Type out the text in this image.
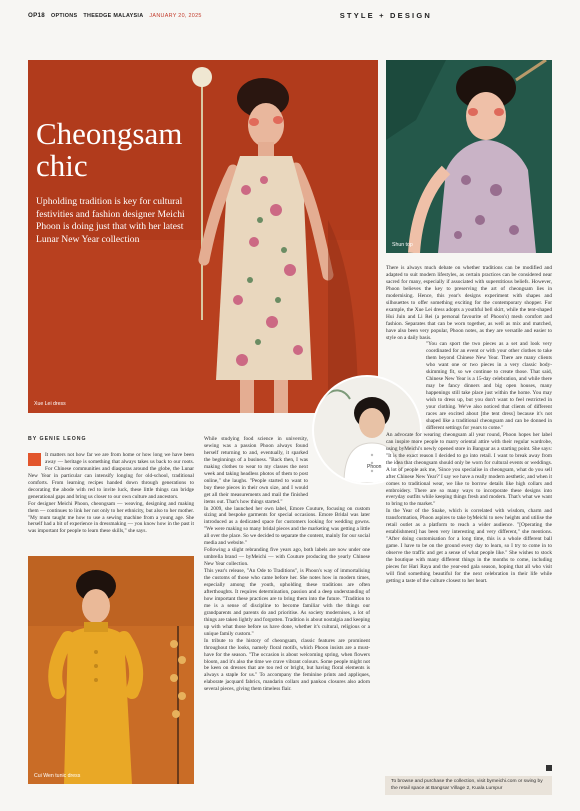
OP18 OPTIONS THEEDGE MALAYSIA JANUARY 20, 2025	STYLE + DESIGN
Cheongsam
chic
Upholding tradition is key for cultural festivities and fashion designer Meichi Phoon is doing just that with her latest Lunar New Year collection
Xue Lei dress
Shun top
Cui Wen tunic dress
Phoon
BY GENIE LEONG

It matters not how far we are from home or how long we have been away — heritage is something that always takes us back to our roots. For Chinese communities and diasporas around the globe, the Lunar New Year in particular can intensify longing for old-school, traditional comforts. From learning recipes handed down through generations to decorating the abode with red to invite luck, these little things can bridge generational gaps and bring us closer to our own culture and ancestors.

For designer Meichi Phoon, cheongsam — weaving, designing and making them — continues to link her not only to her ethnicity, but also to her mother. "My mum taught me how to use a sewing machine from a young age. She herself had a bit of experience in dressmaking — you know how in the past it was important for people to learn these skills," she says.

While studying food science in university, sewing was a passion Phoon always found herself returning to and, eventually, it sparked the beginnings of a business. "Back then, I was making clothes to wear to my classes the next week and taking headless photos of them to post online," she laughs. "People started to want to buy these pieces in their own size, and I would get all their measurements and mail the finished items out. That's how things started."

In 2009, she launched her own label, Emore Couture, focusing on custom sizing and bespoke garments for special occasions. Emore Bridal was later introduced as a dedicated space for customers looking for wedding gowns. "We were making so many bridal pieces and the marketing was getting a little all over the place. So we decided to separate the content, mainly for our social media and website."

Following a slight rebranding five years ago, both labels are now under one umbrella brand — byMeichi — with Couture producing the yearly Chinese New Year collection.

This year's release, "An Ode to Traditions", is Phoon's way of immortalising the customs of those who came before her. She notes how in modern times, especially among the youth, upholding these traditions are often afterthoughts. It requires determination, passion and a deep understanding of how important these practices are to bring them into the future. "Tradition to me is a sense of discipline to become familiar with the things our grandparents and parents do and prioritise. As society modernises, a lot of things are taken lightly and forgotten. Tradition is about nostalgia and keeping up with what those before us have done, whether it's cultural, religious or a unique family custom."

In tribute to the history of cheongsam, classic features are prominent throughout the looks, namely floral motifs, which Phoon insists are a must-have for the season. "The occasion is about welcoming spring, when flowers bloom, and it's also the time we crave vibrant colours. Some people might not be keen on dresses that are too red or bright, but having floral elements is always a staple for us." To accompany the feminine prints and appliques, elaborate jacquard fabrics, mandarin collars and pankou closures also adorn several pieces, giving them timeless flair.

There is always much debate on whether traditions can be modified and adapted to suit modern lifestyles, as certain practices can be considered near sacred for many, especially if associated with superstitious beliefs. However, Phoon believes the key to preserving the art of cheongsam lies in modernising. Hence, this year's designs experiment with shapes and silhouettes to offer something exciting for the contemporary shopper. For example, the Xue Lei dress adopts a youthful bell skirt, while the tent-shaped Hui Juin and Li Rei (a personal favourite of Phoon's) mesh comfort and fashion. Separates that can be worn together, as well as mix and matched, have also been very popular, Phoon notes, as they are versatile and easier to style on a daily basis.

"You can sport the two pieces as a set and look very coordinated for an event or with your other clothes to take them beyond Chinese New Year. There are many clients who want one or two pieces in a very classic body-skimming fit, so we continue to create those. That said, Chinese New Year is a 15-day celebration, and while there may be fancy dinners and big open houses, many happenings still take place just within the home. You may wish to dress up, but you don't want to feel restricted in your clothing. We've also noticed that clients of different races are excited about [the tent dress] because it's not shaped like a traditional cheongsam and can be donned in different settings for years to come."

An advocate for wearing cheongsam all year round, Phoon hopes her label can inspire more people to marry oriental attire with their regular wardrobe, using byMeichi's newly opened store in Bangsar as a starting point. She says: "It is the exact reason I decided to go into retail. I want to break away from the idea that cheongsam should only be worn for cultural events or weddings. A lot of people ask me, 'Since you specialise in cheongsam, what do you sell after Chinese New Year?' I say we have a really modern aesthetic, and when it comes to traditional wear, we like to borrow details like high collars and embroidery. There are so many ways to incorporate these designs into everyday outfits while keeping things fresh and modern. That's what we want to bring to the market."

In the Year of the Snake, which is correlated with wisdom, charm and transformation, Phoon aspires to take byMeichi to new heights and utilise the retail outlet as a platform to reach a wider audience. "[Operating the establishment] has been very interesting and very different," she mentions. "After doing customisation for a long time, this is a whole different ball game. I have to be on the ground every day to learn, so I try to come in to observe the traffic and get a sense of what people like." She wishes to stock the boutique with many different things in the months to come, including pieces for Hari Raya and the year-end gala season, hoping that all who visit will find something beautiful for the next celebration in their life while getting a taste of the culture closest to her heart.

To browse and purchase the collection, visit bymeichi.com or swing by the retail space at Bangsar Village 2, Kuala Lumpur
